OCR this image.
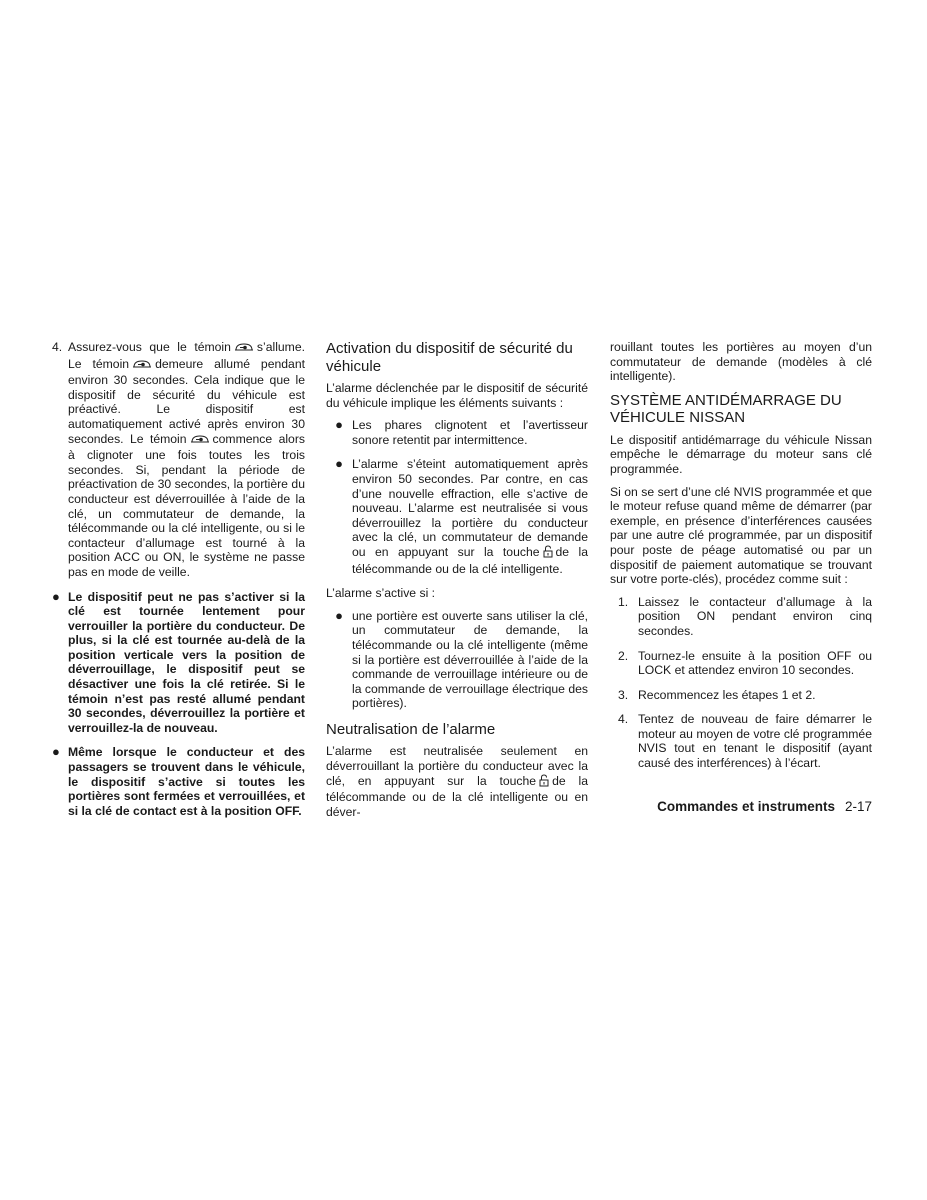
4. Assurez-vous que le témoin s’allume. Le témoin demeure allumé pendant environ 30 secondes. Cela indique que le dispositif de sécurité du véhicule est préactivé. Le dispositif est automatiquement activé après environ 30 secondes. Le témoin commence alors à clignoter une fois toutes les trois secondes. Si, pendant la période de préactivation de 30 secondes, la portière du conducteur est déverrouillée à l’aide de la clé, un commutateur de demande, la télécommande ou la clé intelligente, ou si le contacteur d’allumage est tourné à la position ACC ou ON, le système ne passe pas en mode de veille.

● Le dispositif peut ne pas s’activer si la clé est tournée lentement pour verrouiller la portière du conducteur. De plus, si la clé est tournée au-delà de la position verticale vers la position de déverrouillage, le dispositif peut se désactiver une fois la clé retirée. Si le témoin n’est pas resté allumé pendant 30 secondes, déverrouillez la portière et verrouillez-la de nouveau.

● Même lorsque le conducteur et des passagers se trouvent dans le véhicule, le dispositif s’active si toutes les portières sont fermées et verrouillées, et si la clé de contact est à la position OFF.

Activation du dispositif de sécurité du véhicule

L’alarme déclenchée par le dispositif de sécurité du véhicule implique les éléments suivants :

● Les phares clignotent et l’avertisseur sonore retentit par intermittence.

● L’alarme s’éteint automatiquement après environ 50 secondes. Par contre, en cas d’une nouvelle effraction, elle s’active de nouveau. L’alarme est neutralisée si vous déverrouillez la portière du conducteur avec la clé, un commutateur de demande ou en appuyant sur la touche de la télécommande ou de la clé intelligente.

L’alarme s’active si :

● une portière est ouverte sans utiliser la clé, un commutateur de demande, la télécommande ou la clé intelligente (même si la portière est déverrouillée à l’aide de la commande de verrouillage intérieure ou de la commande de verrouillage électrique des portières).

Neutralisation de l’alarme

L’alarme est neutralisée seulement en déverrouillant la portière du conducteur avec la clé, en appuyant sur la touche de la télécommande ou de la clé intelligente ou en déver-

rouillant toutes les portières au moyen d’un commutateur de demande (modèles à clé intelligente).

SYSTÈME ANTIDÉMARRAGE DU VÉHICULE NISSAN

Le dispositif antidémarrage du véhicule Nissan empêche le démarrage du moteur sans clé programmée.

Si on se sert d’une clé NVIS programmée et que le moteur refuse quand même de démarrer (par exemple, en présence d’interférences causées par une autre clé programmée, par un dispositif pour poste de péage automatisé ou par un dispositif de paiement automatique se trouvant sur votre porte-clés), procédez comme suit :

1. Laissez le contacteur d’allumage à la position ON pendant environ cinq secondes.

2. Tournez-le ensuite à la position OFF ou LOCK et attendez environ 10 secondes.

3. Recommencez les étapes 1 et 2.

4. Tentez de nouveau de faire démarrer le moteur au moyen de votre clé programmée NVIS tout en tenant le dispositif (ayant causé des interférences) à l’écart.

Commandes et instruments 2-17
